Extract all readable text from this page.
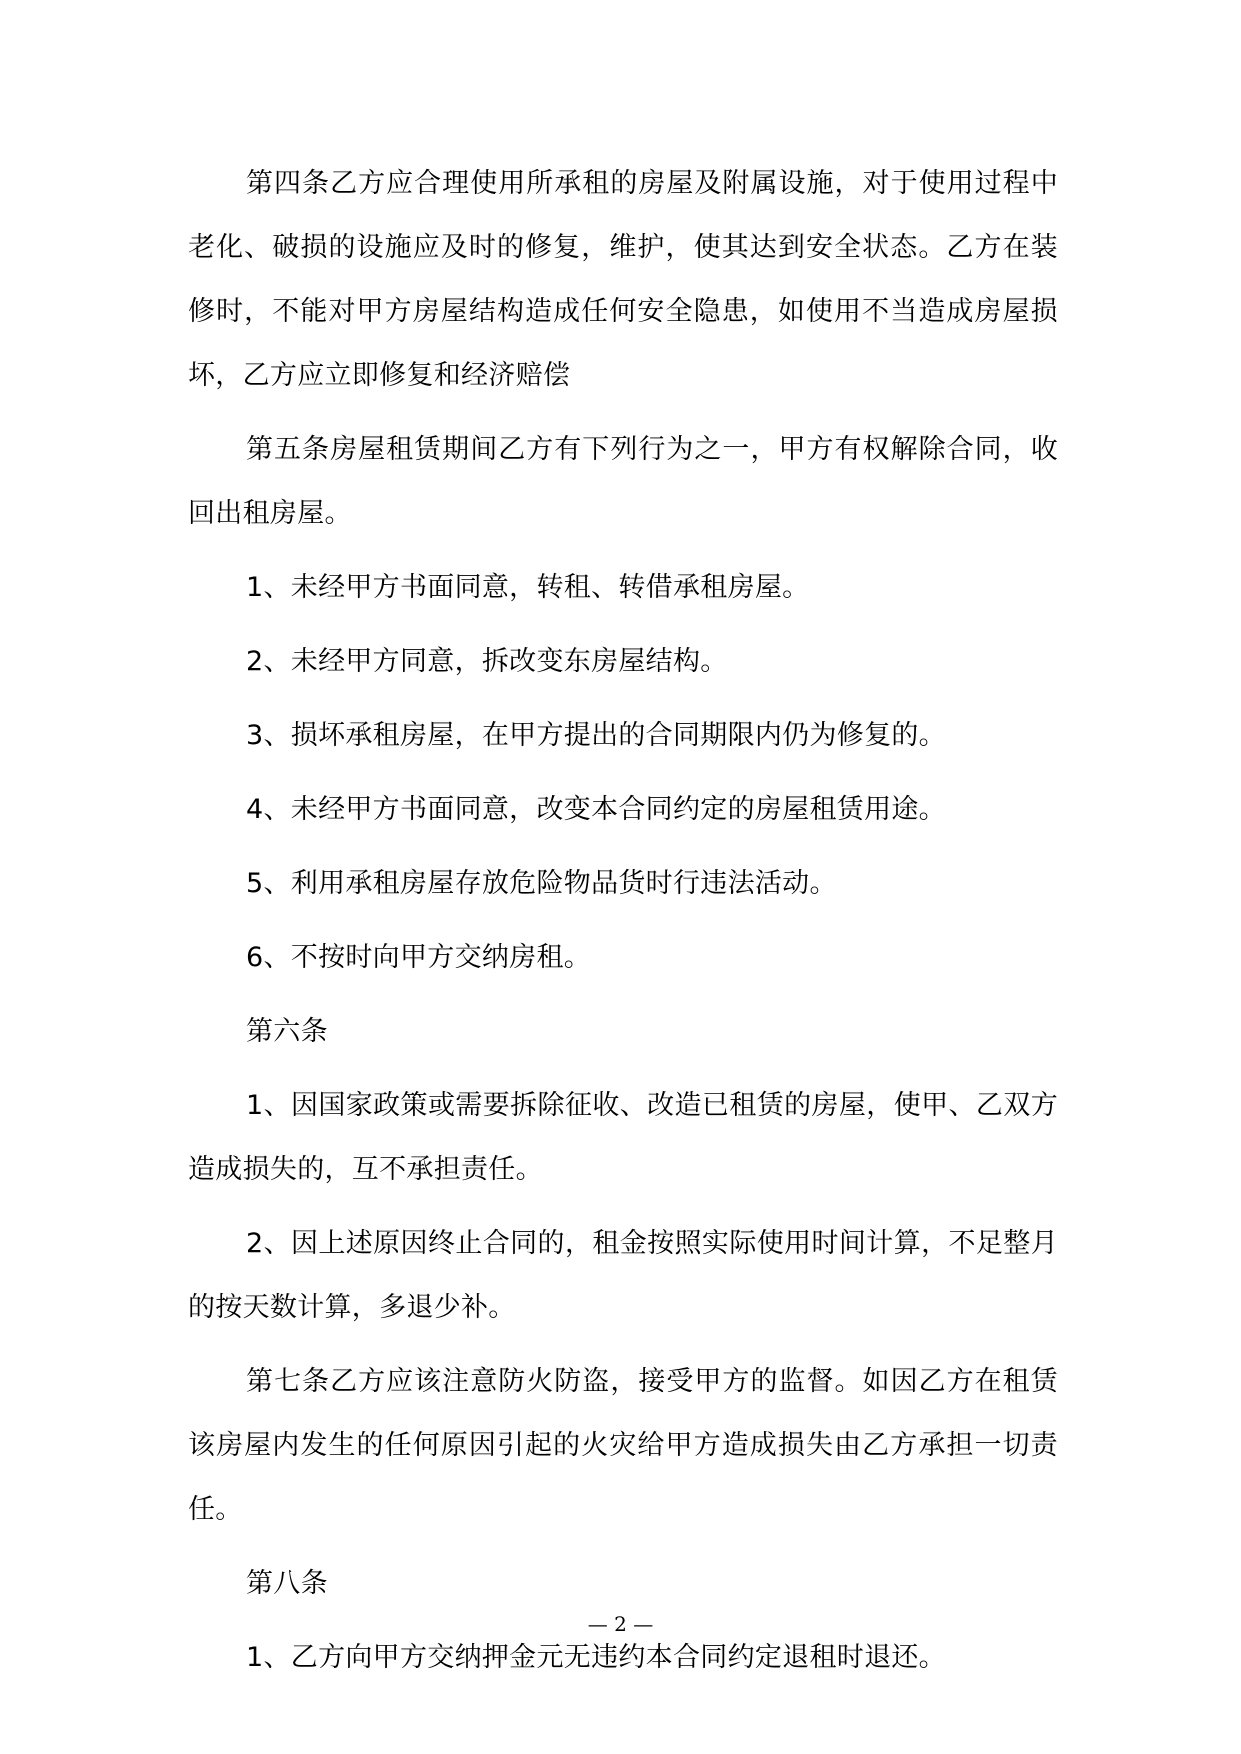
第四条乙方应合理使用所承租的房屋及附属设施，对于使用过程中老化、破损的设施应及时的修复，维护，使其达到安全状态。乙方在装修时，不能对甲方房屋结构造成任何安全隐患，如使用不当造成房屋损坏，乙方应立即修复和经济赔偿

第五条房屋租赁期间乙方有下列行为之一，甲方有权解除合同，收回出租房屋。

1、未经甲方书面同意，转租、转借承租房屋。

2、未经甲方同意，拆改变东房屋结构。

3、损坏承租房屋，在甲方提出的合同期限内仍为修复的。

4、未经甲方书面同意，改变本合同约定的房屋租赁用途。

5、利用承租房屋存放危险物品货时行违法活动。

6、不按时向甲方交纳房租。

第六条

1、因国家政策或需要拆除征收、改造已租赁的房屋，使甲、乙双方造成损失的，互不承担责任。

2、因上述原因终止合同的，租金按照实际使用时间计算，不足整月的按天数计算，多退少补。

第七条乙方应该注意防火防盗，接受甲方的监督。如因乙方在租赁该房屋内发生的任何原因引起的火灾给甲方造成损失由乙方承担一切责任。

第八条

1、乙方向甲方交纳押金元无违约本合同约定退租时退还。

— 2 —
